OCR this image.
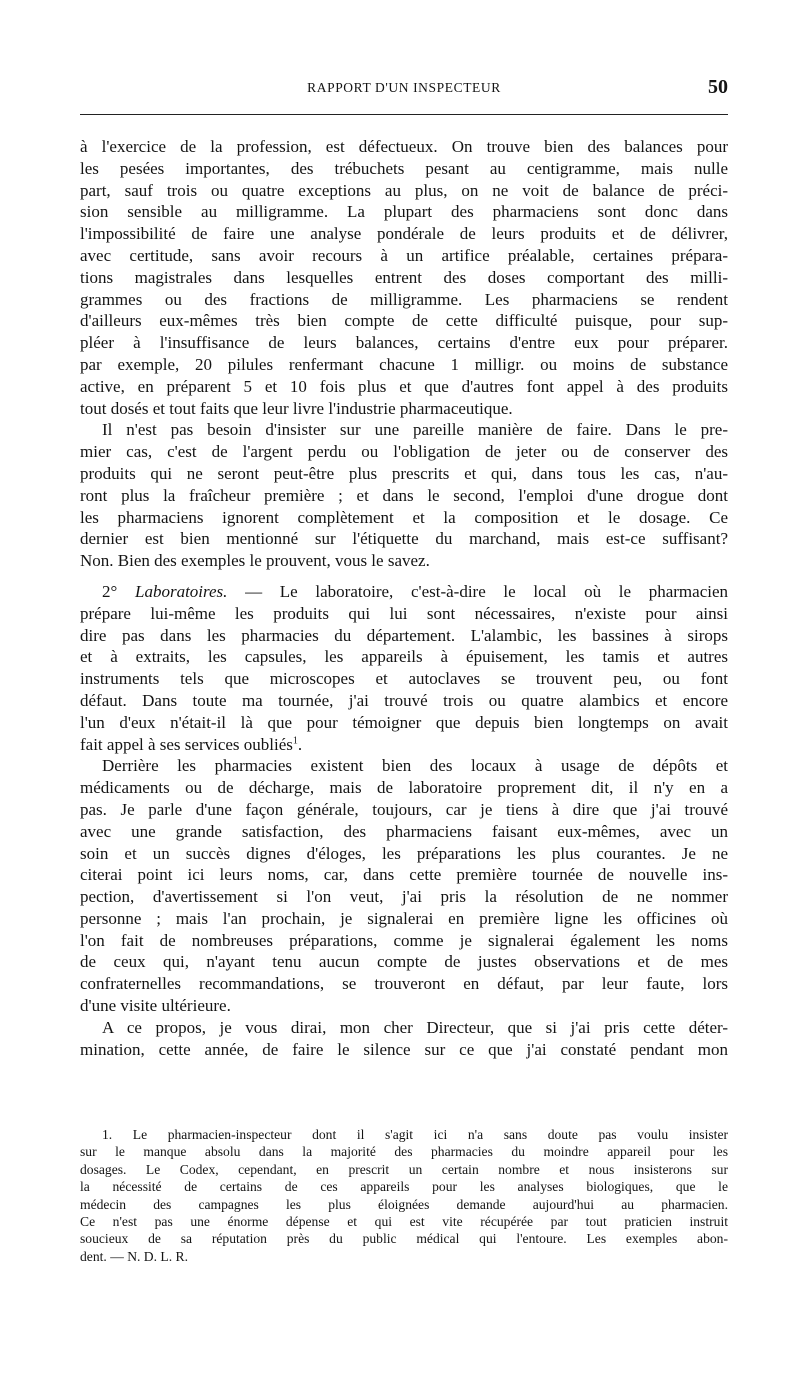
RAPPORT D'UN INSPECTEUR	50
à l'exercice de la profession, est défectueux. On trouve bien des balances pour
les pesées importantes, des trébuchets pesant au centigramme, mais nulle
part, sauf trois ou quatre exceptions au plus, on ne voit de balance de préci-
sion sensible au milligramme. La plupart des pharmaciens sont donc dans
l'impossibilité de faire une analyse pondérale de leurs produits et de délivrer,
avec certitude, sans avoir recours à un artifice préalable, certaines prépara-
tions magistrales dans lesquelles entrent des doses comportant des milli-
grammes ou des fractions de milligramme. Les pharmaciens se rendent
d'ailleurs eux-mêmes très bien compte de cette difficulté puisque, pour sup-
pléer à l'insuffisance de leurs balances, certains d'entre eux pour préparer.
par exemple, 20 pilules renfermant chacune 1 milligr. ou moins de substance
active, en préparent 5 et 10 fois plus et que d'autres font appel à des produits
tout dosés et tout faits que leur livre l'industrie pharmaceutique.
Il n'est pas besoin d'insister sur une pareille manière de faire. Dans le pre-
mier cas, c'est de l'argent perdu ou l'obligation de jeter ou de conserver des
produits qui ne seront peut-être plus prescrits et qui, dans tous les cas, n'au-
ront plus la fraîcheur première ; et dans le second, l'emploi d'une drogue dont
les pharmaciens ignorent complètement et la composition et le dosage. Ce
dernier est bien mentionné sur l'étiquette du marchand, mais est-ce suffisant?
Non. Bien des exemples le prouvent, vous le savez.
2° Laboratoires. — Le laboratoire, c'est-à-dire le local où le pharmacien
prépare lui-même les produits qui lui sont nécessaires, n'existe pour ainsi
dire pas dans les pharmacies du département. L'alambic, les bassines à sirops
et à extraits, les capsules, les appareils à épuisement, les tamis et autres
instruments tels que microscopes et autoclaves se trouvent peu, ou font
défaut. Dans toute ma tournée, j'ai trouvé trois ou quatre alambics et encore
l'un d'eux n'était-il là que pour témoigner que depuis bien longtemps on avait
fait appel à ses services oubliés$^1$.
Derrière les pharmacies existent bien des locaux à usage de dépôts et
médicaments ou de décharge, mais de laboratoire proprement dit, il n'y en a
pas. Je parle d'une façon générale, toujours, car je tiens à dire que j'ai trouvé
avec une grande satisfaction, des pharmaciens faisant eux-mêmes, avec un
soin et un succès dignes d'éloges, les préparations les plus courantes. Je ne
citerai point ici leurs noms, car, dans cette première tournée de nouvelle ins-
pection, d'avertissement si l'on veut, j'ai pris la résolution de ne nommer
personne ; mais l'an prochain, je signalerai en première ligne les officines où
l'on fait de nombreuses préparations, comme je signalerai également les noms
de ceux qui, n'ayant tenu aucun compte de justes observations et de mes
confraternelles recommandations, se trouveront en défaut, par leur faute, lors
d'une visite ultérieure.
A ce propos, je vous dirai, mon cher Directeur, que si j'ai pris cette déter-
mination, cette année, de faire le silence sur ce que j'ai constaté pendant mon
1. Le pharmacien-inspecteur dont il s'agit ici n'a sans doute pas voulu insister
sur le manque absolu dans la majorité des pharmacies du moindre appareil pour les
dosages. Le Codex, cependant, en prescrit un certain nombre et nous insisterons sur
la nécessité de certains de ces appareils pour les analyses biologiques, que le
médecin des campagnes les plus éloignées demande aujourd'hui au pharmacien.
Ce n'est pas une énorme dépense et qui est vite récupérée par tout praticien instruit
soucieux de sa réputation près du public médical qui l'entoure. Les exemples abon-
dent. — N. D. L. R.
